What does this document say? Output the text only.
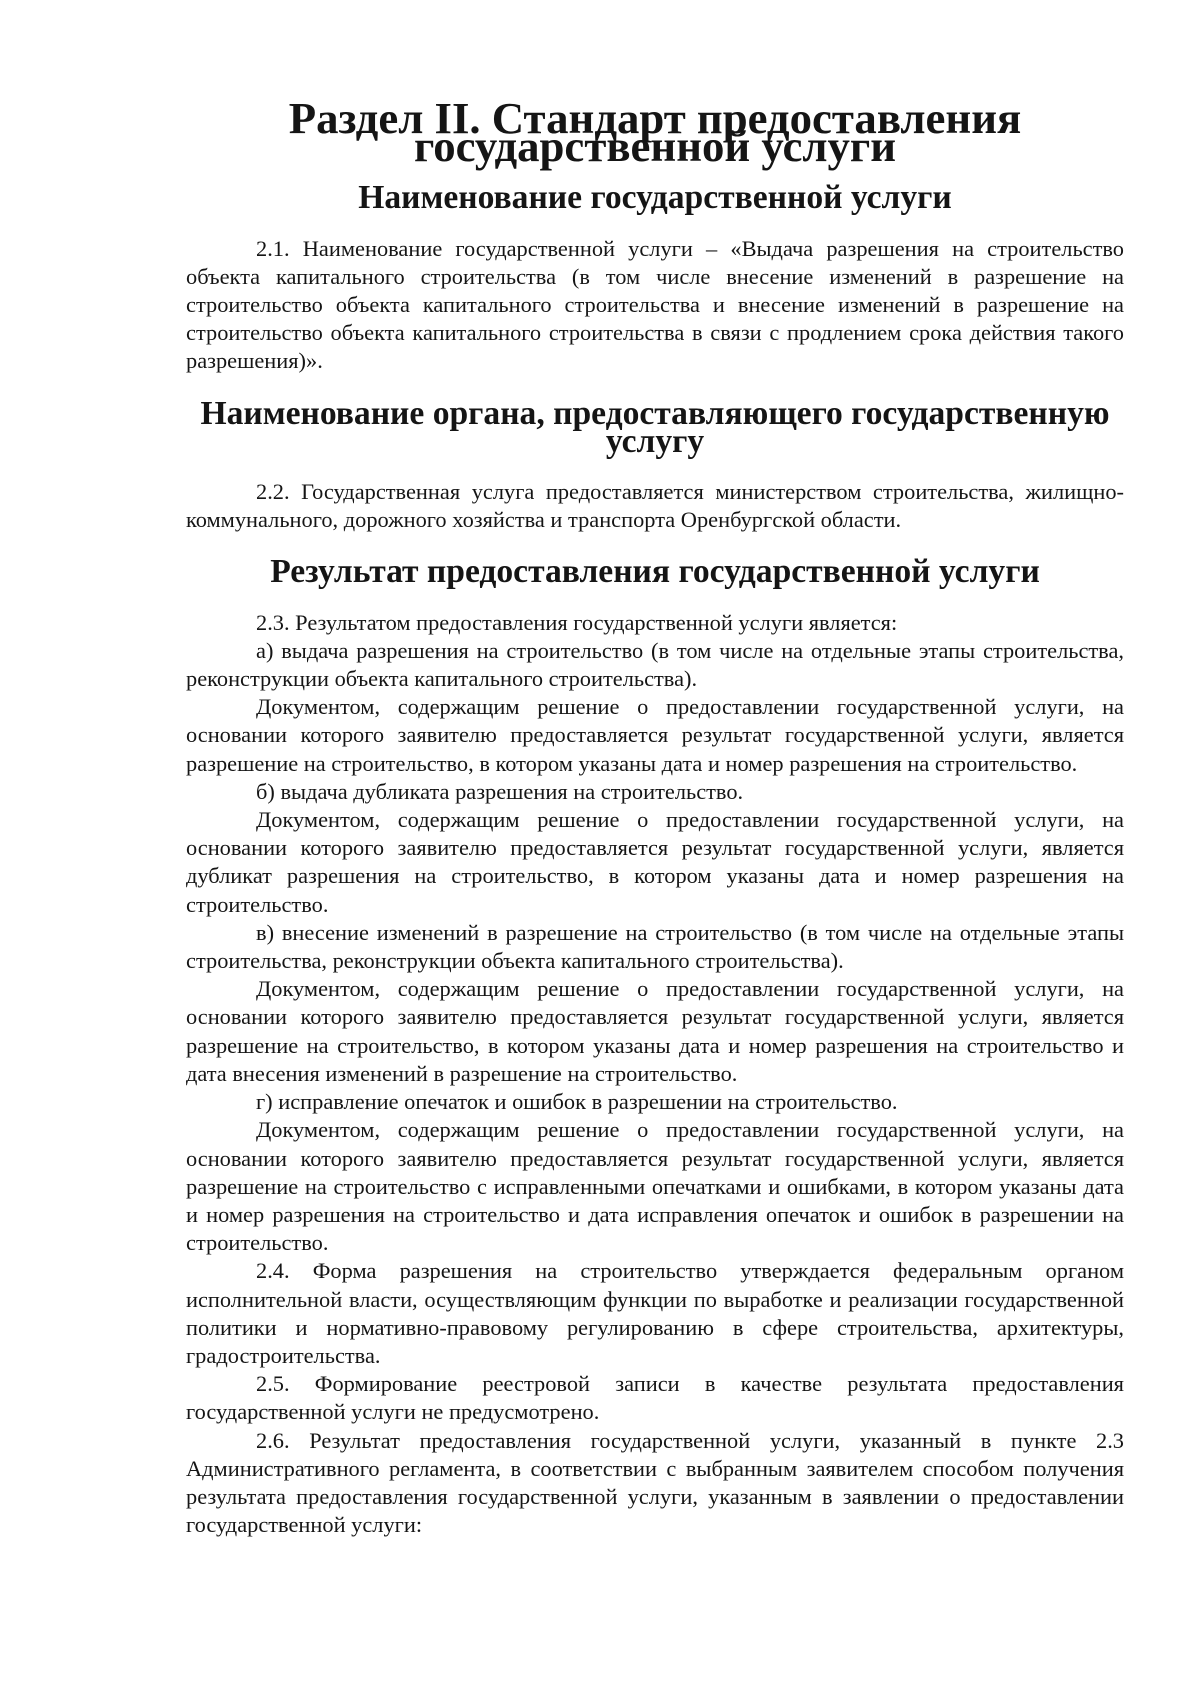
Раздел II. Стандарт предоставления государственной услуги
Наименование государственной услуги

2.1. Наименование государственной услуги – «Выдача разрешения на строительство объекта капитального строительства (в том числе внесение изменений в разрешение на строительство объекта капитального строительства и внесение изменений в разрешение на строительство объекта капитального строительства в связи с продлением срока действия такого разрешения)».

Наименование органа, предоставляющего государственную услугу

2.2. Государственная услуга предоставляется министерством строительства, жилищно-коммунального, дорожного хозяйства и транспорта Оренбургской области.

Результат предоставления государственной услуги

2.3. Результатом предоставления государственной услуги является:

а) выдача разрешения на строительство (в том числе на отдельные этапы строительства, реконструкции объекта капитального строительства).

Документом, содержащим решение о предоставлении государственной услуги, на основании которого заявителю предоставляется результат государственной услуги, является разрешение на строительство, в котором указаны дата и номер разрешения на строительство.

б) выдача дубликата разрешения на строительство.

Документом, содержащим решение о предоставлении государственной услуги, на основании которого заявителю предоставляется результат государственной услуги, является дубликат разрешения на строительство, в котором указаны дата и номер разрешения на строительство.

в) внесение изменений в разрешение на строительство (в том числе на отдельные этапы строительства, реконструкции объекта капитального строительства).

Документом, содержащим решение о предоставлении государственной услуги, на основании которого заявителю предоставляется результат государственной услуги, является разрешение на строительство, в котором указаны дата и номер разрешения на строительство и дата внесения изменений в разрешение на строительство.

г) исправление опечаток и ошибок в разрешении на строительство.

Документом, содержащим решение о предоставлении государственной услуги, на основании которого заявителю предоставляется результат государственной услуги, является разрешение на строительство с исправленными опечатками и ошибками, в котором указаны дата и номер разрешения на строительство и дата исправления опечаток и ошибок в разрешении на строительство.

2.4. Форма разрешения на строительство утверждается федеральным органом исполнительной власти, осуществляющим функции по выработке и реализации государственной политики и нормативно-правовому регулированию в сфере строительства, архитектуры, градостроительства.

2.5. Формирование реестровой записи в качестве результата предоставления государственной услуги не предусмотрено.

2.6. Результат предоставления государственной услуги, указанный в пункте 2.3 Административного регламента, в соответствии с выбранным заявителем способом получения результата предоставления государственной услуги, указанным в заявлении о предоставлении государственной услуги:
